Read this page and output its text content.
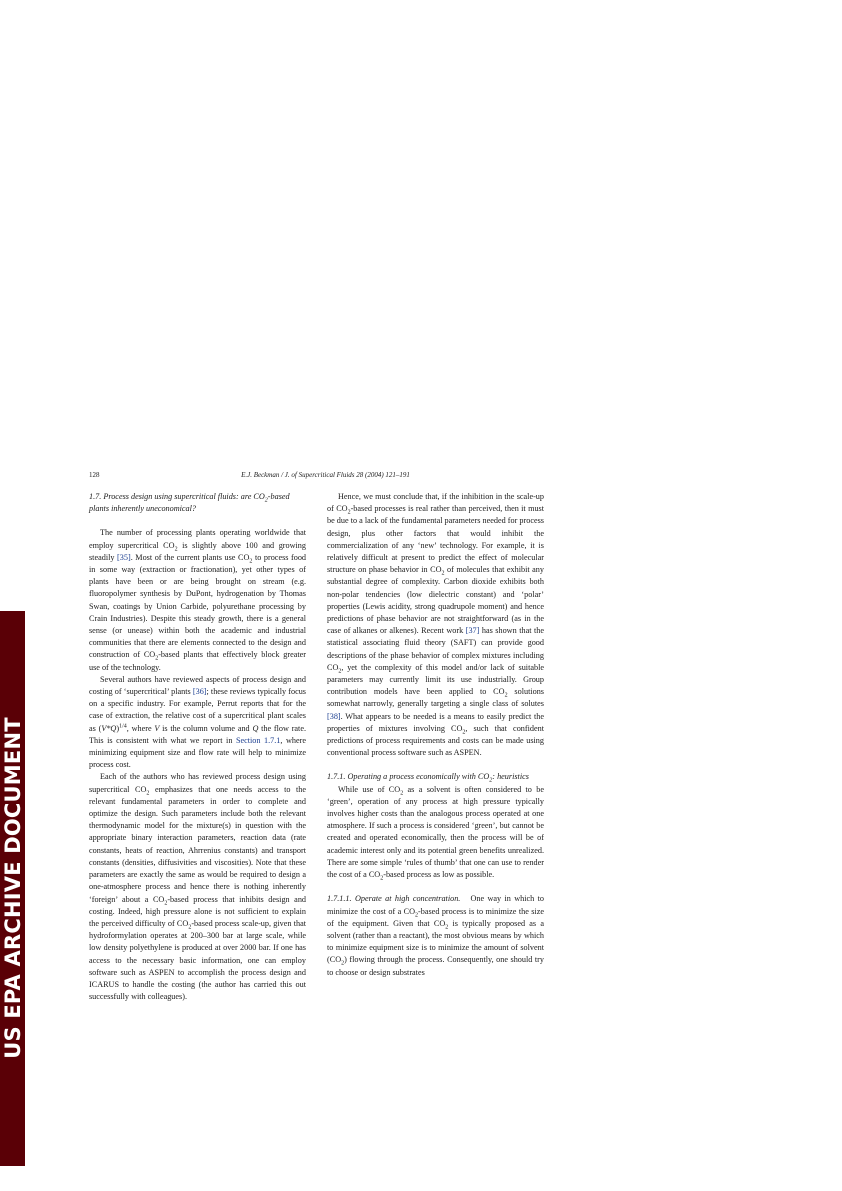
US EPA ARCHIVE DOCUMENT
128	E.J. Beckman / J. of Supercritical Fluids 28 (2004) 121–191
1.7. Process design using supercritical fluids: are $CO_2$-based plants inherently uneconomical?

The number of processing plants operating worldwide that employ supercritical $CO_2$ is slightly above 100 and growing steadily [35]. Most of the current plants use $CO_2$ to process food in some way (extraction or fractionation), yet other types of plants have been or are being brought on stream (e.g. fluoropolymer synthesis by DuPont, hydrogenation by Thomas Swan, coatings by Union Carbide, polyurethane processing by Crain Industries). Despite this steady growth, there is a general sense (or unease) within both the academic and industrial communities that there are elements connected to the design and construction of $CO_2$-based plants that effectively block greater use of the technology.

Several authors have reviewed aspects of process design and costing of ‘supercritical’ plants [36]; these reviews typically focus on a specific industry. For example, Perrut reports that for the case of extraction, the relative cost of a supercritical plant scales as $(V*Q)^{1/4}$, where V is the column volume and Q the flow rate. This is consistent with what we report in Section 1.7.1, where minimizing equipment size and flow rate will help to minimize process cost.

Each of the authors who has reviewed process design using supercritical $CO_2$ emphasizes that one needs access to the relevant fundamental parameters in order to complete and optimize the design. Such parameters include both the relevant thermodynamic model for the mixture(s) in question with the appropriate binary interaction parameters, reaction data (rate constants, heats of reaction, Ahrrenius constants) and transport constants (densities, diffusivities and viscosities). Note that these parameters are exactly the same as would be required to design a one-atmosphere process and hence there is nothing inherently ‘foreign’ about a $CO_2$-based process that inhibits design and costing. Indeed, high pressure alone is not sufficient to explain the perceived difficulty of $CO_2$-based process scale-up, given that hydroformylation operates at 200–300 bar at large scale, while low density polyethylene is produced at over 2000 bar. If one has access to the necessary basic information, one can employ software such as ASPEN to accomplish the process design and ICARUS to handle the costing (the author has carried this out successfully with colleagues).

Hence, we must conclude that, if the inhibition in the scale-up of $CO_2$-based processes is real rather than perceived, then it must be due to a lack of the fundamental parameters needed for process design, plus other factors that would inhibit the commercialization of any ‘new’ technology. For example, it is relatively difficult at present to predict the effect of molecular structure on phase behavior in $CO_2$ of molecules that exhibit any substantial degree of complexity. Carbon dioxide exhibits both non-polar tendencies (low dielectric constant) and ‘polar’ properties (Lewis acidity, strong quadrupole moment) and hence predictions of phase behavior are not straightforward (as in the case of alkanes or alkenes). Recent work [37] has shown that the statistical associating fluid theory (SAFT) can provide good descriptions of the phase behavior of complex mixtures including $CO_2$, yet the complexity of this model and/or lack of suitable parameters may currently limit its use industrially. Group contribution models have been applied to $CO_2$ solutions somewhat narrowly, generally targeting a single class of solutes [38]. What appears to be needed is a means to easily predict the properties of mixtures involving $CO_2$, such that confident predictions of process requirements and costs can be made using conventional process software such as ASPEN.

1.7.1. Operating a process economically with $CO_2$: heuristics

While use of $CO_2$ as a solvent is often considered to be ‘green’, operation of any process at high pressure typically involves higher costs than the analogous process operated at one atmosphere. If such a process is considered ‘green’, but cannot be created and operated economically, then the process will be of academic interest only and its potential green benefits unrealized. There are some simple ‘rules of thumb’ that one can use to render the cost of a $CO_2$-based process as low as possible.

1.7.1.1. Operate at high concentration. One way in which to minimize the cost of a $CO_2$-based process is to minimize the size of the equipment. Given that $CO_2$ is typically proposed as a solvent (rather than a reactant), the most obvious means by which to minimize equipment size is to minimize the amount of solvent $(CO_2)$ flowing through the process. Consequently, one should try to choose or design substrates
